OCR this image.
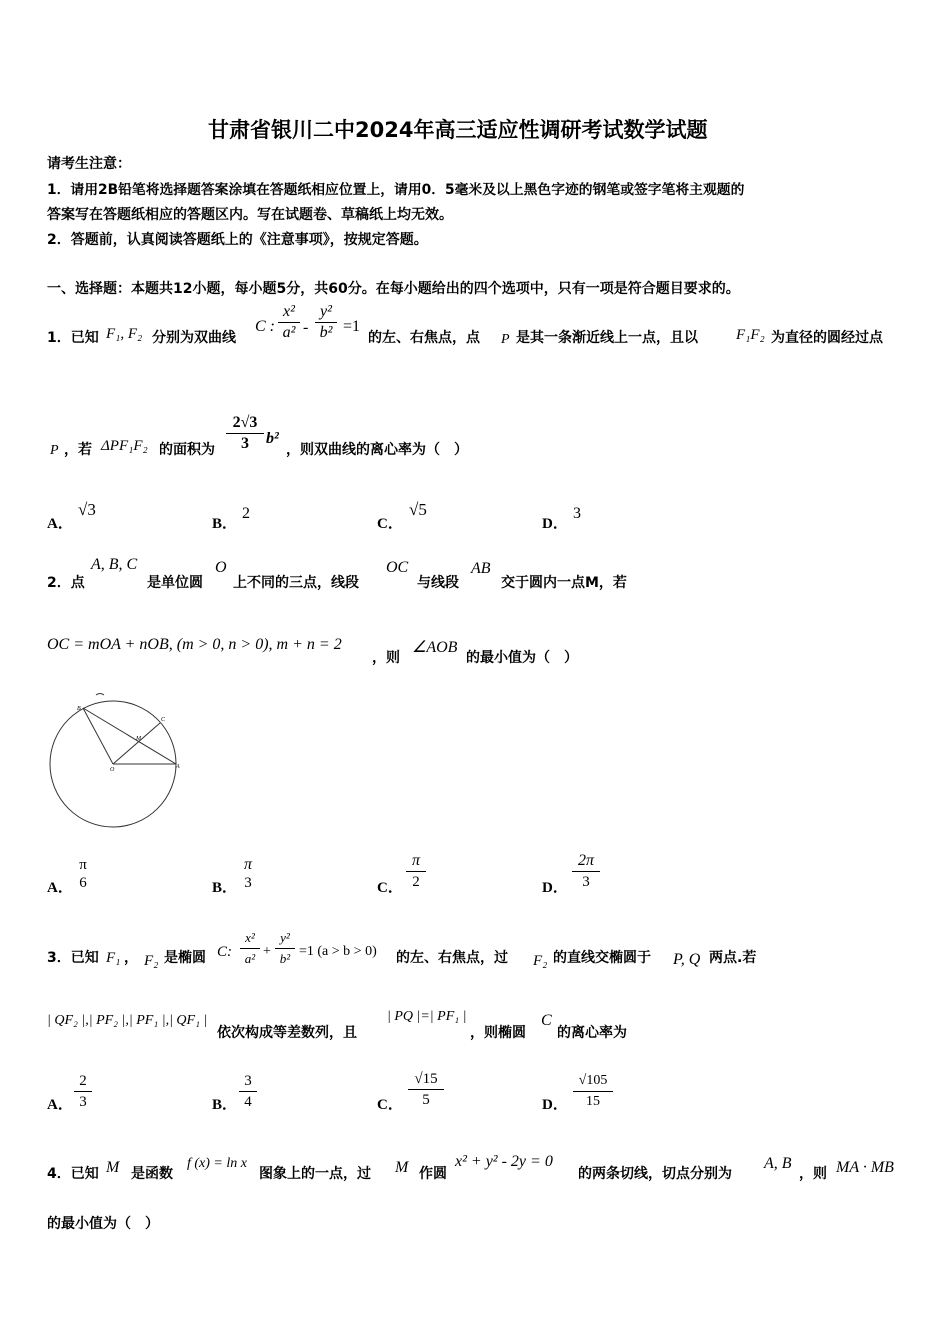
甘肃省银川二中2024年高三适应性调研考试数学试题
请考生注意：
1．请用2B铅笔将选择题答案涂填在答题纸相应位置上，请用0．5毫米及以上黑色字迹的钢笔或签字笔将主观题的
答案写在答题纸相应的答题区内。写在试题卷、草稿纸上均无效。
2．答题前，认真阅读答题纸上的《注意事项》，按规定答题。
一、选择题：本题共12小题，每小题5分，共60分。在每小题给出的四个选项中，只有一项是符合题目要求的。
1．已知 F₁, F₂ 分别为双曲线
C :
x²
a² -
y²
b² =1
的左、右焦点，点 P 是其一条渐近线上一点，且以	F₁F₂ 为直径的圆经过点
P ，若 ΔPF₁F₂ 的面积为
2√3
3	b²
，则双曲线的离心率为（　）
A．
√3
B．
2
C．
√5
D．
3
2．点
A, B, C
是单位圆
O
上不同的三点，线段
OC
与线段
AB
交于圆内一点M，若
OC = mOA + nOB, (m > 0, n > 0), m + n = 2
，则
∠AOB
的最小值为（　）
B
C
M
O	A
A．
π
6	B．
π
3	C．
π
2	D．
2π
3
3．已知 F₁ ， F₂ 是椭圆 C:
x²
a² +
y²
b² =1 (a > b > 0) 的左、右焦点，过 F₂ 的直线交椭圆于 P, Q 两点.若
| QF₂ |,| PF₂ |,| PF₁ |,| QF₁ |
依次构成等差数列，且
| PQ |=| PF₁ |
，则椭圆
C
的离心率为
A．
2
3	B．
3
4	C．
√15
5	D．
√105
15
4．已知 M 是函数
f (x) = ln x
图象上的一点，过 M 作圆
x² + y² - 2y = 0
的两条切线，切点分别为
A, B
，则 MA · MB
的最小值为（　）
